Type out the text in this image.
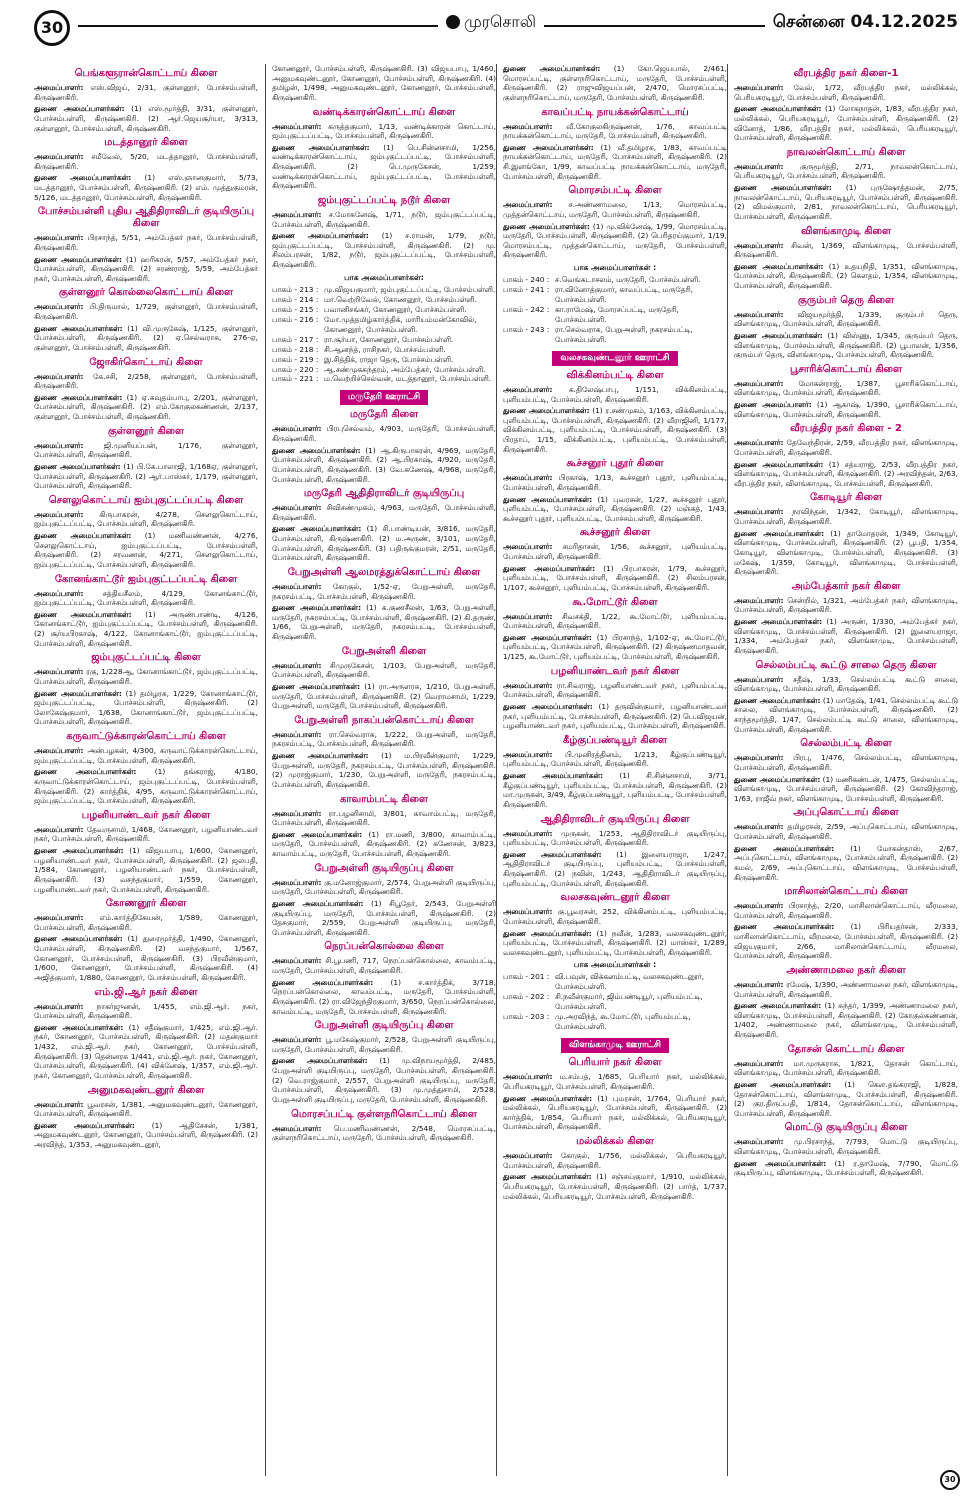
30	முரசொலி	சென்னை 04.12.2025
பெங்களூரான்கொட்டாய் கிளை

அமைப்பாளர்: எஸ்.விஜய், 2/31, குள்ளனூர், போச்சம்பள்ளி, கிருஷ்ணகிரி.

துணை அமைப்பாளர்கள்: (1) எஸ்.மூர்த்தி, 3/31, குள்ளனூர், போச்சம்பள்ளி, கிருஷ்ணகிரி. (2) ஆர்.ஜெயசூர்யா, 3/313, குள்ளனூர், போச்சம்பள்ளி, கிருஷ்ணகிரி.

மடத்தானூர் கிளை

அமைப்பாளர்: சமீவேல், 5/20, மடத்தானூர், போச்சம்பள்ளி, கிருஷ்ணகிரி.

துணை அமைப்பாளர்கள்: (1) எஸ்.ஞானகுமார், 5/73, மடத்தானூர், போச்சம்பள்ளி, கிருஷ்ணகிரி. (2) எம். முத்துகுமரன், 5/126, மடத்தானூர், போச்சம்பள்ளி, கிருஷ்ணகிரி.

போச்சம்பள்ளி புதிய ஆதிதிராவிடர் குடியிருப்பு கிளை

அமைப்பாளர்: பிரசாந்த், 5/51, அம்பேத்கர் நகர், போச்சம்பள்ளி, கிருஷ்ணகிரி.

துணை அமைப்பாளர்கள்: (1) ஹரிகரன், 5/57, அம்பேத்கர் நகர், போச்சம்பள்ளி, கிருஷ்ணகிரி. (2) சரண்ராஜ், 5/59, அம்பேத்கர் நகர், போச்சம்பள்ளி, கிருஷ்ணகிரி.

குள்ளனூர் கொல்லைகொட்டாய் கிளை

அமைப்பாளர்: பி.திருமால், 1/729, குள்ளனூர், போச்சம்பள்ளி, கிருஷ்ணகிரி.

துணை அமைப்பாளர்கள்: (1) வி.முருகேஷ், 1/125, குள்ளனூர், போச்சம்பள்ளி, கிருஷ்ணகிரி. (2) ஏ.செல்வராசு, 276-ஏ, குள்ளனூர், போச்சம்பள்ளி, கிருஷ்ணகிரி.

ஜோகிர்கொட்டாய் கிளை

அமைப்பாளர்: கே.சசி, 2/258, குள்ளனூர், போச்சம்பள்ளி, கிருஷ்ணகிரி.

துணை அமைப்பாளர்கள்: (1) ஏ.கவுதம்பாபு, 2/201, குள்ளனூர், போச்சம்பள்ளி, கிருஷ்ணகிரி. (2) எம்.கோகுலகண்ணன், 2/137, குள்ளனூர், போச்சம்பள்ளி, கிருஷ்ணகிரி.

குள்ளனூர் கிளை

அமைப்பாளர்:	ஜி.முனியப்பன், 1/176, குள்ளனூர், போச்சம்பள்ளி, கிருஷ்ணகிரி.

துணை அமைப்பாளர்கள்: (1) பி.கே.பாலாஜி, 1/168ஏ, குள்ளனூர், போச்சம்பள்ளி, கிருஷ்ணகிரி. (2) ஆர்.பாஸ்கர், 1/179, குள்ளனூர், போச்சம்பள்ளி, கிருஷ்ணகிரி.

சௌலுகொட்டாய் ஐம்புகுட்டப்பட்டி கிளை

அமைப்பாளர்: கிருபாகரன், 4/278, சௌலுகொட்டாய், ஐம்புகுட்டப்பட்டி, போச்சம்பள்ளி, கிருஷ்ணகிரி.

துணை அமைப்பாளர்கள்: (1) மணிவண்ணன், 4/276, சௌலுகொட்டாய், ஐம்புகுட்டப்பட்டி, போச்சம்பள்ளி, கிருஷ்ணகிரி. (2) சரவணன், 4/271, சௌலுகொட்டாய், ஐம்புகுட்டப்பட்டி, போச்சம்பள்ளி, கிருஷ்ணகிரி.

கோனங்காட்டூர் ஐம்புகுட்டப்பட்டி கிளை

அமைப்பாளர்:	சத்தியசீலம், 4/129, கோனங்காட்டூர், ஐம்புகுட்டப்பட்டி, போச்சம்பள்ளி, கிருஷ்ணகிரி.

துணை அமைப்பாளர்கள்: (1) அருண்பாண்டி, 4/126, கோனங்காட்டூர், ஐம்புகுட்டப்பட்டி, போச்சம்பள்ளி, கிருஷ்ணகிரி. (2) சூர்யபிரகாஷ், 4/122, கோனாங்காட்டூர், ஐம்புகுட்டப்பட்டி, போச்சம்பள்ளி, கிருஷ்ணகிரி.

ஜம்புகுட்டப்பட்டி கிளை

அமைப்பாளர்: ரகு, 1/228ஆ, கோனாங்காட்டூர், ஜம்புகுட்டப்பட்டி, போச்சம்பள்ளி, கிருஷ்ணகிரி.

துணை அமைப்பாளர்கள்: (1) தமிழரசு, 1/229, கோனாங்காட்டூர், ஜம்புகுட்டப்பட்டி, போச்சம்பள்ளி, கிருஷ்ணகிரி. (2) லோகேஷ்குமார், 1/638, கோனாங்காட்டூர், ஜம்புகுட்டப்பட்டி, போச்சம்பள்ளி, கிருஷ்ணகிரி.

கருவாட்டுக்காரன்கொட்டாய் கிளை

அமைப்பாளர்: அன்பழகன், 4/300, கருவாட்டுக்காரன்கொட்டாய், ஜம்புகுட்டப்பட்டி, போச்சம்பள்ளி, கிருஷ்ணகிரி.

துணை அமைப்பாளர்கள்: (1) தங்கராஜ், 4/180, கருவாட்டுக்காரன்கொட்டாய், ஜம்புகுட்டப்பட்டி, போச்சம்பள்ளி, கிருஷ்ணகிரி. (2) கார்த்திக், 4/95, கருவாட்டுக்காரன்கொட்டாய், ஜம்புகுட்டப்பட்டி, போச்சம்பள்ளி, கிருஷ்ணகிரி.

பழனியாண்டவர் நகர் கிளை

அமைப்பாளர்: தேவருசாமி, 1/468, கோணனூர், பழனியாண்டவர் நகர், போச்சம்பள்ளி, கிருஷ்ணகிரி.

துணை அமைப்பாளர்கள்: (1) விஜயபாபு, 1/600, கோணனூர், பழனியாண்டவர் நகர், போச்சம்பள்ளி, கிருஷ்ணகிரி. (2) ஜலபதி, 1/584, கோணனூர், பழனியாண்டவர் நகர், போச்சம்பள்ளி, கிருஷ்ணகிரி. (3) வசந்தகுமார், 1/559, கோணனூர், பழனியாண்டவர் நகர், போச்சம்பள்ளி, கிருஷ்ணகிரி.

கோணனூர் கிளை

அமைப்பாளர்: எம்.கார்த்திகேயன், 1/589, கோணனூர், போச்சம்பள்ளி, கிருஷ்ணகிரி.

துணை அமைப்பாளர்கள்: (1) துரைமூர்த்தி, 1/490, கோணனூர், போச்சம்பள்ளி, கிருஷ்ணகிரி. (2) வசந்தகுமார், 1/567, கோணனூர், போச்சம்பள்ளி, கிருஷ்ணகிரி. (3) பிரவீன்குமார், 1/600, கோணனூர், போச்சம்பள்ளி, கிருஷ்ணகிரி. (4) அஜித்குமார், 1/880, கோணனூர், போச்சம்பள்ளி, கிருஷ்ணகிரி.

எம்.ஜி.ஆர் நகர் கிளை

அமைப்பாளர்: நாகர்ஜுனன், 1/455, எம்.ஜி.ஆர். நகர், போச்சம்பள்ளி, கிருஷ்ணகிரி.

துணை அமைப்பாளர்கள்: (1) சதீஷ்குமார், 1/425, எம்.ஜி.ஆர். நகர், கோணனூர், போச்சம்பள்ளி, கிருஷ்ணகிரி. (2) மதன்குமார் 1/432, எம்.ஜி.ஆர். நகர், கோணனூர், போச்சம்பள்ளி, கிருஷ்ணகிரி. (3) தென்னரசு 1/441, எம்.ஜி.ஆர். நகர், கோணனூர், போச்சம்பள்ளி, கிருஷ்ணகிரி. (4) விக்னேஷ், 1/357, எம்.ஜி.ஆர். நகர், கோணனூர், போச்சம்பள்ளி, கிருஷ்ணகிரி.

அனுமகவுண்டனூர் கிளை

அமைப்பாளர்: பூவரசன், 1/381, அனுமகவுண்டனூர், கோணனூர், போச்சம்பள்ளி, கிருஷ்ணகிரி.

துணை அமைப்பாளர்கள்: (1) ஆதிசேசன், 1/381, அனுமகவுண்டனூர், கோணனூர், போச்சம்பள்ளி, கிருஷ்ணகிரி. (2) அரவிந்த், 1/353, அனுமகவுண்டனூர்,

கோணனூர், போச்சம்பள்ளி, கிருஷ்ணகிரி. (3) விஜயபாபு, 1/460, அனுமகவுண்டனூர், கோணனூர், போச்சம்பள்ளி, கிருஷ்ணகிரி. (4) தமிழன், 1/498, அனுமகவுண்டனூர், கோணனூர், போச்சம்பள்ளி, கிருஷ்ணகிரி.

வண்டிக்காரன்கொட்டாய் கிளை

அமைப்பாளர்: கருத்தகுமார், 1/13, வண்டிக்காரன் கொட்டாய், ஜம்புகுட்டப்பட்டி, போச்சம்பள்ளி, கிருஷ்ணகிரி.

துணை அமைப்பாளர்கள்: (1) பெ.சின்னசாமி, 1/256, வண்டிக்காரன்கொட்டாய், ஜம்புகுட்டப்பட்டி, போச்சம்பள்ளி, கிருஷ்ணகிரி. (2) பெ.முருகேசன், 1/259, வண்டிக்காரன்கொட்டாய், ஜம்புகுட்டப்பட்டி, போச்சம்பள்ளி, கிருஷ்ணகிரி.

ஜம்புகுட்டப்பட்டி நடூர் கிளை

அமைப்பாளர்: ச.மோகனேஷ், 1/71, நடூர், ஜம்புகுட்டப்பட்டி, போச்சம்பள்ளி, கிருஷ்ணகிரி.

துணை அமைப்பாளர்கள்: (1) ச.ராமன், 1/79, நடூர், ஜம்புகுட்டப்பட்டி, போச்சம்பள்ளி, கிருஷ்ணகிரி. (2) மு. சிலம்பரசன், 1/82, நடூர், ஜம்புகுட்டப்பட்டி, போச்சம்பள்ளி, கிருஷ்ணகிரி.

பாக அமைப்பாளர்கள்:
பாகம் - 213 : மு.விஜயகுமார், ஜம்புகுட்டப்பட்டி, போச்சம்பள்ளி.
பாகம் - 214 : மா.வெற்றிவேல், கோணனூர், போச்சம்பள்ளி.
பாகம் - 215 : பவானிசங்கர், கோணனூர், போச்சம்பள்ளி.
பாகம் - 216 : மோ.முத்தமிழ்கார்த்திக், மாரியம்மன்கோவில், கோணனூர், போச்சம்பள்ளி.
பாகம் - 217 : ரா.சூர்யா, கோணனூர், போச்சம்பள்ளி.
பாகம் - 218 : சி.ஆனந்த், ராசிநகர், போச்சம்பள்ளி.
பாகம் - 219 : இ.சித்திக், ராஜா தெரு, போச்சம்பள்ளி.
பாகம் - 220 : ஆ.சண்முகசுந்தரம், அம்பேத்கர், போச்சம்பள்ளி.
பாகம் - 221 : ம.வெற்றிச்செல்வன், மடத்தானூர், போச்சம்பள்ளி.
மருதேரி ஊராட்சி
மருதேரி கிளை

அமைப்பாளர்: பிரபுசெல்வம், 4/903, மருதேரி, போச்சம்பள்ளி, கிருஷ்ணகிரி.

துணை அமைப்பாளர்கள்: (1) ஆ.கிருபாகரன், 4/969, மருதேரி, போச்சம்பள்ளி, கிருஷ்ணகிரி. (2) ஆ.பிரகாஷ், 4/920, மருதேரி, போச்சம்பள்ளி, கிருஷ்ணகிரி. (3) வே.கணேஷ், 4/968, மருதேரி, போச்சம்பள்ளி, கிருஷ்ணகிரி.

மருதேரி ஆதிதிராவிடர் குடியிருப்பு

அமைப்பாளர்: சிவிசண்முகம், 4/963, மருதேரி, போச்சம்பள்ளி, கிருஷ்ணகிரி.

துணை அமைப்பாளர்கள்: (1) சி.பாண்டியன், 3/816, மருதேரி, போச்சம்பள்ளி, கிருஷ்ணகிரி. (2) ம.அருண், 3/101, மருதேரி, போச்சம்பள்ளி, கிருஷ்ணகிரி. (3) பதிருக்குமரன், 2/51, மருதேரி, போச்சம்பள்ளி, கிருஷ்ணகிரி.

பேறுஅள்ளி ஆலமரத்துக்கொட்டாய் கிளை

அமைப்பாளர்: கோகுல், 1/52-ஏ, பேறுஅள்ளி, மருதேரி, நகரசம்பட்டி, போச்சம்பள்ளி, கிருஷ்ணகிரி.

துணை அமைப்பாளர்கள்: (1) க.குணசீலன், 1/63, பேறுஅள்ளி, மருதேரி, நகரசம்பட்டி, போச்சம்பள்ளி, கிருஷ்ணகிரி. (2) கி.தருண், 1/66, பேறுஅள்ளி, மருதேரி, நகரசம்பட்டி, போச்சம்பள்ளி, கிருஷ்ணகிரி.

பேறுஅள்ளி கிளை

அமைப்பாளர்: சிமுருகேசன், 1/103, பேறுஅள்ளி, மருதேரி, போச்சம்பள்ளி, கிருஷ்ணகிரி.

துணை அமைப்பாளர்கள்: (1) ரா.அருளரசு, 1/210, பேறுஅள்ளி, மருதேரி, போச்சம்பள்ளி, கிருஷ்ணகிரி. (2) வெராமசாமி, 1/229, பேறுஅள்ளி, மருதேரி, போச்சம்பள்ளி, கிருஷ்ணகிரி.

பேறுஅள்ளி நாகப்பன்கொட்டாய் கிளை

அமைப்பாளர்: ரா.செல்வராசு, 1/222, பேறுஅள்ளி, மருதேரி, நகரசம்பட்டி, போச்சம்பள்ளி, கிருஷ்ணகிரி.

துணை அமைப்பாளர்கள்: (1) ம.பிரவீன்குமார், 1/229, பேறுஅள்ளி, மருதேரி, நகரசம்பட்டி, போச்சம்பள்ளி, கிருஷ்ணகிரி. (2) முராஜ்குமார், 1/230, பேறுஅள்ளி, மருதேரி, நகரசம்பட்டி, போச்சம்பள்ளி, கிருஷ்ணகிரி.

காவாம்பட்டி கிளை

அமைப்பாளர்: ரா.பழனிசாமி, 3/801, காவாம்பட்டி, மருதேரி, போச்சம்பள்ளி, கிருஷ்ணகிரி.

துணை அமைப்பாளர்கள்: (1) ரா.மணி, 3/800, காவாம்பட்டி, மருதேரி, போச்சம்பள்ளி, கிருஷ்ணகிரி. (2) கணேசன், 3/823, காவாம்பட்டி, மருதேரி, போச்சம்பள்ளி, கிருஷ்ணகிரி.

பேறுஅள்ளி குடியிருப்பு கிளை

அமைப்பாளர்: கு.மனோஜ்குமார், 2/574, பேறுஅள்ளி குடியிருப்பு, மருதேரி, போச்சம்பள்ளி, கிருஷ்ணகிரி.

துணை அமைப்பாளர்கள்: (1) சிபூதேர், 2/543, பேறுஅள்ளி குடியிருப்பு, மருதேரி, போச்சம்பள்ளி, கிருஷ்ணகிரி. (2) தேசகுமார், 2/559, பேறுஅள்ளி குடியிருப்பு, மருதேரி, போச்சம்பள்ளி, கிருஷ்ணகிரி.

நெரப்பன்கொல்லை கிளை

அமைப்பாளர்: சி.பூபணி, 717, நெரப்பன்கொல்லை, காவம்பட்டி, மருதேரி, போச்சம்பள்ளி, கிருஷ்ணகிரி.

துணை அமைப்பாளர்கள்: (1) ச.கார்த்திக், 3/718, நெரப்பன்கொல்லை, காவம்பட்டி, மருதேரி, போச்சம்பள்ளி, கிருஷ்ணகிரி. (2) ரா.விஜேந்திரகுமார், 3/650, நெரப்பன்கொல்லை, காவம்பட்டி, மருதேரி, போச்சம்பள்ளி, கிருஷ்ணகிரி.

பேறுஅள்ளி குடியிருப்பு கிளை

அமைப்பாளர்: பூ.மகேஷ்குமார், 2/528, பேறுஅள்ளி குடியிருப்பு, மருதேரி, போச்சம்பள்ளி, கிருஷ்ணகிரி.

துணை அமைப்பாளர்கள்: (1) மு.விநாயமூர்த்தி, 2/485, பேறுஅள்ளி குடியிருப்பு, மருதேரி, போச்சம்பள்ளி, கிருஷ்ணகிரி. (2) வெ.ராஜ்குமார், 2/557, பேறுஅள்ளி குடியிருப்பு, மருதேரி, போச்சம்பள்ளி, கிருஷ்ணகிரி. (3) மு.முத்துசாமி, 2/528, பேறுஅள்ளி குடியிருப்பு, மருதேரி, போச்சம்பள்ளி, கிருஷ்ணகிரி.

மொரசப்பட்டி குள்ளநரிகொட்டாய் கிளை

அமைப்பாளர்: பெ.மணிவண்ணன், 2/548, மொரசப்பட்டி, குள்ளநரிகொட்டாய், மருதேரி, போச்சம்பள்ளி, கிருஷ்ணகிரி.

துணை அமைப்பாளர்கள்: (1) கோ.ஜெயபால், 2/461, மொரசப்பட்டி, குள்ளநரிகொட்டாய், மருதேரி, போச்சம்பள்ளி, கிருஷ்ணகிரி. (2) ராஜுவிஜயப்பன், 2/470, மொரசப்பட்டி, குள்ளநரிகொட்டாய், மருதேரி, போச்சம்பள்ளி, கிருஷ்ணகிரி.

காவப்பட்டி நாயக்கன்கொட்டாய்

அமைப்பாளர்: வீ.கோகுலகிருஷ்ணன், 1/76, காவப்பட்டி நாயக்கன்கொட்டாய், மருதேரி, போச்சம்பள்ளி, கிருஷ்ணகிரி.

துணை அமைப்பாளர்கள்: (1) வீ.தமிழரசு, 1/83, காவப்பட்டி நாயக்கன்கொட்டாய், மருதேரி, போச்சம்பள்ளி, கிருஷ்ணகிரி. (2) சி.இளங்கோ, 1/99, காவப்பட்டி நாயக்கன்கொட்டாய், மருதேரி, போச்சம்பள்ளி, கிருஷ்ணகிரி.

மொரசம்பட்டி கிளை

அமைப்பாளர்: ச.அண்ணாமலை, 1/13, மொரசம்பட்டி, முத்தன்கொட்டாய், மருதேரி, போச்சம்பள்ளி, கிருஷ்ணகிரி.

துணை அமைப்பாளர்கள்: (1) மு.விக்னேஷ், 1/99, மொரசம்பட்டி, மருதேரி, போச்சம்பள்ளி, கிருஷ்ணகிரி. (2) பெரிதரய்குமார், 1/19, மொரசம்பட்டி, முத்தன்கொட்டாய், மருதேரி, போச்சம்பள்ளி, கிருஷ்ணகிரி.

பாக அமைப்பாளர்கள் :
பாகம் - 240 : ச.வெங்கடாசலம், மருதேரி, போச்சம்பள்ளி.
பாகம் - 241 : ரா.வினோத்குமார், காவப்பட்டி, மருதேரி, போச்சம்பள்ளி.
பாகம் - 242 : கா.ராமேஷ், மோரசப்பட்டி, மருதேரி, போச்சம்பள்ளி.
பாகம் - 243 : ரா.செல்வராசு, பேறுஅள்ளி, நகரசம்பட்டி, போச்சம்பள்ளி.
வலசகவுண்டனூர் ஊராட்சி
விக்கினம்பட்டி கிளை

அமைப்பாளர்: க.திலேஷ்பாபு, 1/151, விக்கினம்பட்டி, புளியம்பட்டி, போச்சம்பள்ளி, கிருஷ்ணகிரி.

துணை அமைப்பாளர்கள்: (1) ர.சண்முகம், 1/163, விக்கினம்பட்டி, புளியம்பட்டி, போச்சம்பள்ளி, கிருஷ்ணகிரி. (2) வீராஜினி, 1/177, விக்கினம்பட்டி, புளியம்பட்டி, போச்சம்பள்ளி, கிருஷ்ணகிரி. (3) பிரதாப், 1/15, விக்கினம்பட்டி, புளியம்பட்டி, போச்சம்பள்ளி, கிருஷ்ணகிரி.

கூச்சனூர் புதூர் கிளை

அமைப்பாளர்: பிரகாஷ், 1/13, கூச்சனூர் புதூர், புளியம்பட்டி, போச்சம்பள்ளி, கிருஷ்ணகிரி.

துணை அமைப்பாளர்கள்: (1) புவரசன், 1/27, கூச்சனூர் புதூர், புளியம்பட்டி, போச்சம்பள்ளி, கிருஷ்ணகிரி. (2) மஞ்சுத், 1/43, கூச்சனூர் புதூர், புளியம்பட்டி, போச்சம்பள்ளி, கிருஷ்ணகிரி.

கூச்சனூர் கிளை

அமைப்பாளர்: சமரிதாசன், 1/56, கூச்சனூர், புளியம்பட்டி, போச்சம்பள்ளி, கிருஷ்ணகிரி.

துணை அமைப்பாளர்கள்: (1) பிரபாகரன், 1/79, கூச்சனூர், புளியம்பட்டி, போச்சம்பள்ளி, கிருஷ்ணகிரி. (2) சிலம்பரசன், 1/107, கூச்சனூர், புளியம்பட்டி, போச்சம்பள்ளி, கிருஷ்ணகிரி.

கூ.மோட்டூர் கிளை

அமைப்பாளர்: சிவசக்தி, 1/22, கூ.மோட்டூர், புளியம்பட்டி, போச்சம்பள்ளி, கிருஷ்ணகிரி.

துணை அமைப்பாளர்கள்: (1) பிரசாந்த், 1/102-ஏ, கூ.மோட்டூர், புளியம்பட்டி, போச்சம்பள்ளி, கிருஷ்ணகிரி. (2) கிருஷ்ணமாதவன், 1/125, கூ.மோட்டூர், புளியம்பட்டி, போச்சம்பள்ளி, கிருஷ்ணகிரி.

பழனியாண்டவர் நகர் கிளை

அமைப்பாளர்: ரா.சிவராஜ், பழனியாண்டவர் நகர், புளியம்பட்டி, போச்சம்பள்ளி, கிருஷ்ணகிரி.

துணை அமைப்பாளர்கள்: (1) தருவின்குமார், பழனியாண்டவர் நகர், புளியம்பட்டி, போச்சம்பள்ளி, கிருஷ்ணகிரி. (2) பெ.விஜயன், பழனியாண்டவர் நகர், புளியம்பட்டி, போச்சம்பள்ளி, கிருஷ்ணகிரி.

கீழ்குப்பண்டியூர் கிளை

அமைப்பாளர்: பி.முனிரத்தினம், 1/213, கீழ்குப்பண்டியூர், புளியம்பட்டி, போச்சம்பள்ளி, கிருஷ்ணகிரி.

துணை அமைப்பாளர்கள்: (1) சி.சின்னசாமி, 3/71, கீழ்குப்பண்டியூர், புளியம்பட்டி, போச்சம்பள்ளி, கிருஷ்ணகிரி. (2) மா.முருகன், 3/49, கீழ்குப்பண்டியூர், புளியம்பட்டி, போச்சம்பள்ளி, கிருஷ்ணகிரி.

ஆதிதிராவிடர் குடியிருப்பு கிளை

அமைப்பாளர்: முருகன், 1/253, ஆதிதிராவிடர் குடியிருப்பு, புளியம்பட்டி, போச்சம்பள்ளி, கிருஷ்ணகிரி.

துணை அமைப்பாளர்கள்: (1) இளையராஜா, 1/247, ஆதிதிராவிடர் குடியிருப்பு, புளியம்பட்டி, போச்சம்பள்ளி, கிருஷ்ணகிரி. (2) நவின், 1/243, ஆதிதிராவிடர் குடியிருப்பு, புளியம்பட்டி, போச்சம்பள்ளி, கிருஷ்ணகிரி.

வலசகவுண்டனூர் கிளை

அமைப்பாளர்: கு.பூவரசன், 252, விக்கினம்பட்டி, புளியம்பட்டி, போச்சம்பள்ளி, கிருஷ்ணகிரி.

துணை அமைப்பாளர்கள்: (1) நவீன், 1/283, வலசகவுண்டனூர், புளியம்பட்டி, போச்சம்பள்ளி, கிருஷ்ணகிரி. (2) மாஸ்கர், 1/289, வலசகவுண்டனூர், புளியம்பட்டி, போச்சம்பள்ளி, கிருஷ்ணகிரி.

பாக அமைப்பாளர்கள் :
பாகம் - 201 : வி.பவுன், விக்கனம்பட்டி, வலசகவுண்டனூர், போச்சம்பள்ளி.
பாகம் - 202 : சி.நவீன்குமார், ஜிம்பண்டியூர், புளியம்பட்டி, போச்சம்பள்ளி.
பாகம் - 203 : மு.அரவிந்த், கூ.மோட்டூர், புளியம்பட்டி, போச்சம்பள்ளி.
விளங்காமுடி ஊராட்சி
பெரியார் நகர் கிளை

அமைப்பாளர்: ம.சம்பத், 1/685, பெரியார் நகர், மல்லிக்கல், பெரியகரடியூர், போச்சம்பள்ளி, கிருஷ்ணகிரி.

துணை அமைப்பாளர்கள்: (1) புமரசன், 1/764, பெரியார் நகர், மல்லிக்கல், பெரியகரடியூர், போச்சம்பள்ளி, கிருஷ்ணகிரி. (2) கார்த்திக், 1/854, பெரியார் நகர், மல்லிக்கல், பெரியகரடியூர், போச்சம்பள்ளி, கிருஷ்ணகிரி.

மல்லிக்கல் கிளை

அமைப்பாளர்: கோகுல், 1/756, மல்லிக்கல், பெரியகரடியூர், போச்சம்பள்ளி, கிருஷ்ணகிரி.

துணை அமைப்பாளர்கள்: (1) சஞ்சய்குமார், 1/910, மல்லிக்கல், பெரியகரடியூர், போச்சம்பள்ளி, கிருஷ்ணகிரி. (2) பார்த், 1/737, மல்லிக்கல், பெரியகரடியூர், போச்சம்பள்ளி, கிருஷ்ணகிரி.

வீரபத்திர நகர் கிளை-1

அமைப்பாளர்: வேல், 1/72, வீரபத்திர நகர், மல்லிக்கல், பெரியகரடியூர், போச்சம்பள்ளி, கிருஷ்ணகிரி.

துணை அமைப்பாளர்கள்: (1) லோகநாதன், 1/83, வீரபத்திர நகர், மல்லிக்கல், பெரியகரடியூர், போச்சம்பள்ளி, கிருஷ்ணகிரி. (2) வினோத், 1/86, வீரபத்திர நகர், மல்லிக்கல், பெரியகரடியூர், போச்சம்பள்ளி, கிருஷ்ணகிரி.

நாவலன்கொட்டாய் கிளை

அமைப்பாளர்: குருமூர்த்தி, 2/71, நாவலன்கொட்டாய், பெரியகரடியூர், போச்சம்பள்ளி, கிருஷ்ணகிரி.

துணை அமைப்பாளர்கள்: (1) புருஷோத்தமன், 2/75, நாவலன்கொட்டாய், பெரியகரடியூர், போச்சம்பள்ளி, கிருஷ்ணகிரி. (2) விமல்குமார், 2/81, நாவலன்கொட்டாய், பெரியகரடியூர், போச்சம்பள்ளி, கிருஷ்ணகிரி.

விளங்காமுடி கிளை

அமைப்பாளர்: சிவன், 1/369, விளங்காமுடி, போச்சம்பள்ளி, கிருஷ்ணகிரி.

துணை அமைப்பாளர்கள்: (1) உதயநிதி, 1/351, விளங்காமுடி, போச்சம்பள்ளி, கிருஷ்ணகிரி. (2) கௌதம், 1/354, விளங்காமுடி, போச்சம்பள்ளி, கிருஷ்ணகிரி.

குரும்பர் தெரு கிளை

அமைப்பாளர்: விஜயமூர்த்தி, 1/339, குரும்பர் தெரு, விளங்காமுடி, போச்சம்பள்ளி, கிருஷ்ணகிரி.

துணை அமைப்பாளர்கள்: (1) விஸ்ணு, 1/345, குரும்பர் தெரு, விளங்காமுடி, போச்சம்பள்ளி, கிருஷ்ணகிரி. (2) பூபாலன், 1/356, குரும்பர் தெரு, விளங்காமுடி, போச்சம்பள்ளி, கிருஷ்ணகிரி.

பூசாரிக்கொட்டாய் கிளை

அமைப்பாளர்: மோகன்ராஜ், 1/387, பூசாரிக்கொட்டாய், விளங்காமுடி, போச்சம்பள்ளி, கிருஷ்ணகிரி.

துணை அமைப்பாளர்: (1) ஆகாஷ், 1/390, பூசாரிக்கொட்டாய், விளங்காமுடி, போச்சம்பள்ளி, கிருஷ்ணகிரி.

வீரபத்திர நகர் கிளை - 2

அமைப்பாளர்: தேவேந்திரன், 2/59, வீரபத்திர நகர், விளங்காமுடி, போச்சம்பள்ளி, கிருஷ்ணகிரி.

துணை அமைப்பாளர்கள்: (1) சத்யராஜ், 2/53, வீரபத்திர நகர், விளங்காமுடி, போச்சம்பள்ளி, கிருஷ்ணகிரி. (2) அரவிந்தன், 2/63, வீரபத்திர நகர், விளங்காமுடி, போச்சம்பள்ளி, கிருஷ்ணகிரி.

கோடியூர் கிளை

அமைப்பாளர்: நரவிந்தன், 1/342, கோடியூர், விளங்காமுடி, போச்சம்பள்ளி, கிருஷ்ணகிரி.

துணை அமைப்பாளர்கள்: (1) தாமோதரன், 1/349, கோடியூர், விளங்காமுடி, போச்சம்பள்ளி, கிருஷ்ணகிரி. (2) பூபதி, 1/354, கோடியூர், விளங்காமுடி, போச்சம்பள்ளி, கிருஷ்ணகிரி. (3) மகேஷ், 1/359, கோடியூர், விளங்காமுடி, போச்சம்பள்ளி, கிருஷ்ணகிரி.

அம்பேத்கார் நகர் கிளை

அமைப்பாளர்: சென்றில், 1/321, அம்பேத்கர் நகர், விளங்காமுடி, போச்சம்பள்ளி, கிருஷ்ணகிரி.

துணை அமைப்பாளர்கள்: (1) அருண், 1/330, அம்பேத்கர் நகர், விளங்காமுடி, போச்சம்பள்ளி, கிருஷ்ணகிரி. (2) இளையராஜா, 1/334, அம்பேத்கர் நகர், விளங்காமுடி, போச்சம்பள்ளி, கிருஷ்ணகிரி.

செல்லம்பட்டி கூட்டு சாலை தெரு கிளை

அமைப்பாளர்: சதீஷ், 1/33, செல்லம்பட்டி கூட்டு சாலை, விளங்காமுடி, போச்சம்பள்ளி, கிருஷ்ணகிரி.

துணை அமைப்பாளர்கள்: (1) மாதேஷ், 1/41, செல்லம்பட்டி கூட்டு சாலை, விளங்காமுடி, போச்சம்பள்ளி, கிருஷ்ணகிரி. (2) சாந்தமூர்த்தி, 1/47, செல்லம்பட்டி கூட்டு சாலை, விளங்காமுடி, போச்சம்பள்ளி, கிருஷ்ணகிரி.

செல்லம்பட்டி கிளை

அமைப்பாளர்: பிரபு, 1/476, செல்லம்பட்டி, விளங்காமுடி, போச்சம்பள்ளி, கிருஷ்ணகிரி.

துணை அமைப்பாளர்கள்: (1) மணிகண்டன், 1/475, செல்லம்பட்டி, விளங்காமுடி, போச்சம்பள்ளி, கிருஷ்ணகிரி. (2) கோவிந்தராஜ், 1/63, ராஜீவ் நகர், விளங்காமுடி, போச்சம்பள்ளி, கிருஷ்ணகிரி.

அப்புகொட்டாய் கிளை

அமைப்பாளர்: தமிழரசன், 2/59, அப்புகொட்டாய், விளங்காமுடி, போச்சம்பள்ளி, கிருஷ்ணகிரி.

துணை அமைப்பாளர்கள்: (1) மோகன்தாஸ், 2/67, அப்புகொட்டாய், விளங்காமுடி, போச்சம்பள்ளி, கிருஷ்ணகிரி. (2) கமல், 2/69, அப்புகொட்டாய், விளங்காமுடி, போச்சம்பள்ளி, கிருஷ்ணகிரி.

மாசிலான்கொட்டாய் கிளை

அமைப்பாளர்: பிரசாந்த், 2/20, மாசிலான்கொட்டாய், வீரமலை, போச்சம்பள்ளி, கிருஷ்ணகிரி.

துணை அமைப்பாளர்கள்: (1) பிரியதர்சன், 2/333, மாசிலான்கொட்டாய், வீரமலை, போச்சம்பள்ளி, கிருஷ்ணகிரி. (2) விஜயகுமார், 2/66, மாசிலான்கொட்டாய், வீரமலை, போச்சம்பள்ளி, கிருஷ்ணகிரி.

அண்ணாமலை நகர் கிளை

அமைப்பாளர்: ரமேஷ், 1/390, அண்ணாமலை நகர், விளங்காமுடி, போச்சம்பள்ளி, கிருஷ்ணகிரி.

துணை அமைப்பாளர்கள்: (1) சுந்தர், 1/399, அண்ணாமலை நகர், விளங்காமுடி, போச்சம்பள்ளி, கிருஷ்ணகிரி. (2) கோகுல்கண்ணன், 1/402, அண்ணாமலை நகர், விளங்காமுடி, போச்சம்பள்ளி, கிருஷ்ணகிரி.

தோசன் கொட்டாய் கிளை

அமைப்பாளர்: மா.முருகராசு, 1/821, தோசன் கொட்டாய், விளங்காமுடி, போச்சம்பள்ளி, கிருஷ்ணகிரி.

துணை அமைப்பாளர்கள்: (1) கௌ.தங்கராஜி, 1/828, தோசன்கொட்டாய், விளங்காமுடி, போச்சம்பள்ளி, கிருஷ்ணகிரி. (2) குர.திருப்பதி, 1/814, தோசன்கொட்டாய், விளங்காமுடி, போச்சம்பள்ளி, கிருஷ்ணகிரி.

மொட்டு குடியிருப்பு கிளை

அமைப்பாளர்: மு.பிரசாந்த், 7/793, மொட்டு குடியிருப்பு, விளங்காமுடி, போச்சம்பள்ளி, கிருஷ்ணகிரி.

துணை அமைப்பாளர்கள்: (1) ர.தாமேஷ், 7/790, மொட்டு குடியிருப்பு, விளங்காமுடி, போச்சம்பள்ளி, கிருஷ்ணகிரி.

30
